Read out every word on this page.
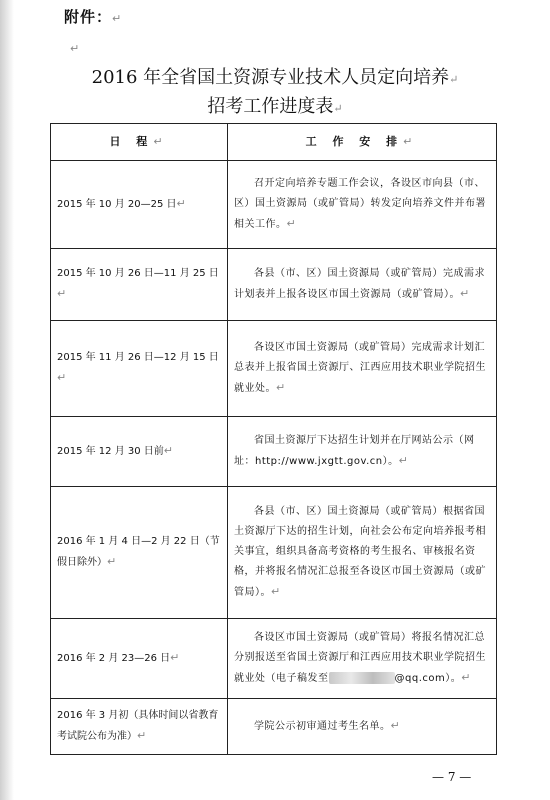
附件：↵
↵
2016 年全省国土资源专业技术人员定向培养↵
招考工作进度表↵
日 程↵	工 作 安 排↵
2015 年 10 月 20—25 日↵	召开定向培养专题工作会议，各设区市向县（市、区）国土资源局（或矿管局）转发定向培养文件并布署相关工作。↵
2015 年 10 月 26 日—11 月 25 日↵	各县（市、区）国土资源局（或矿管局）完成需求计划表并上报各设区市国土资源局（或矿管局）。↵
2015 年 11 月 26 日—12 月 15 日↵	各设区市国土资源局（或矿管局）完成需求计划汇总表并上报省国土资源厅、江西应用技术职业学院招生就业处。↵
2015 年 12 月 30 日前↵	省国土资源厅下达招生计划并在厅网站公示（网址：http://www.jxgtt.gov.cn）。↵
2016 年 1 月 4 日—2 月 22 日（节假日除外）↵	各县（市、区）国土资源局（或矿管局）根据省国土资源厅下达的招生计划，向社会公布定向培养报考相关事宜，组织具备高考资格的考生报名、审核报名资格，并将报名情况汇总报至各设区市国土资源局（或矿管局）。↵
2016 年 2 月 23—26 日↵	各设区市国土资源局（或矿管局）将报名情况汇总分别报送至省国土资源厅和江西应用技术职业学院招生就业处（电子稿发至 @qq.com）。↵
2016 年 3 月初（具体时间以省教育考试院公布为准）↵	学院公示初审通过考生名单。↵
— 7 —
